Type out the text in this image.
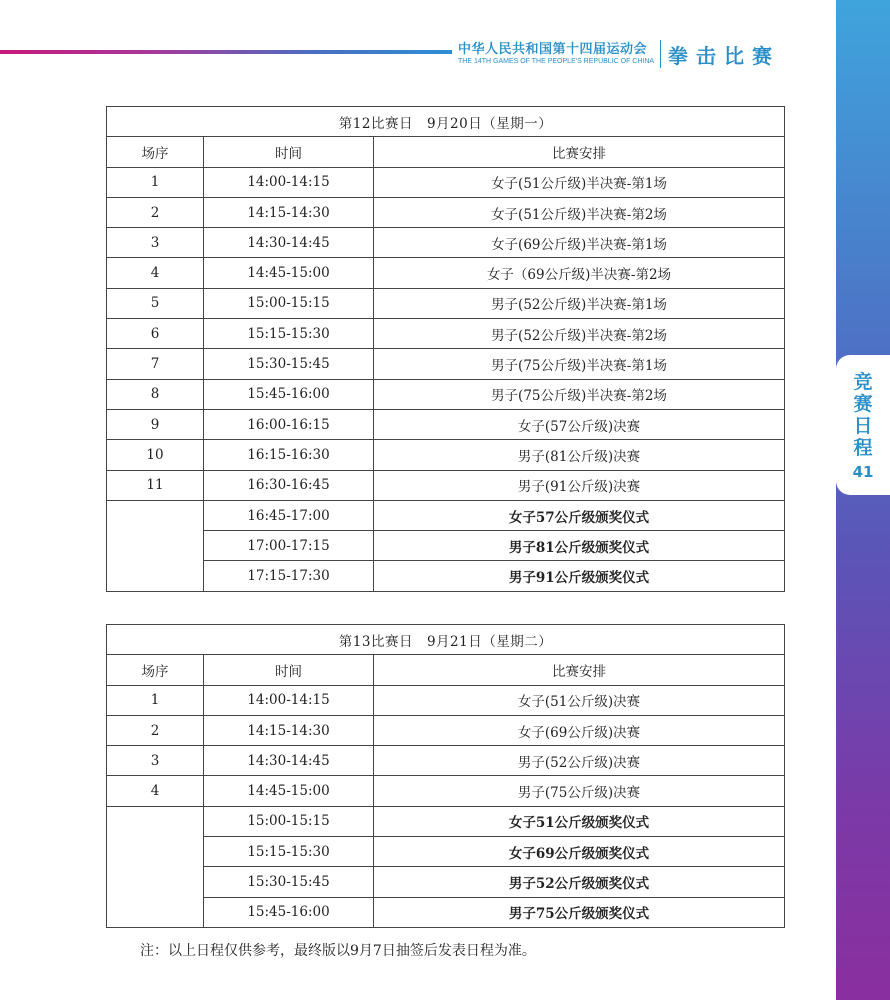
中华人民共和国第十四届运动会
THE 14TH GAMES OF THE PEOPLE'S REPUBLIC OF CHINA 拳击比赛
竞
赛
日
程
41
第12比赛日　9月20日（星期一）		
场序	时间	比赛安排
1	14:00-14:15	女子(51公斤级)半决赛-第1场
2	14:15-14:30	女子(51公斤级)半决赛-第2场
3	14:30-14:45	女子(69公斤级)半决赛-第1场
4	14:45-15:00	女子（69公斤级)半决赛-第2场
5	15:00-15:15	男子(52公斤级)半决赛-第1场
6	15:15-15:30	男子(52公斤级)半决赛-第2场
7	15:30-15:45	男子(75公斤级)半决赛-第1场
8	15:45-16:00	男子(75公斤级)半决赛-第2场
9	16:00-16:15	女子(57公斤级)决赛
10	16:15-16:30	男子(81公斤级)决赛
11	16:30-16:45	男子(91公斤级)决赛
	16:45-17:00	女子57公斤级颁奖仪式
	17:00-17:15	男子81公斤级颁奖仪式
	17:15-17:30	男子91公斤级颁奖仪式
第13比赛日　9月21日（星期二）		
场序	时间	比赛安排
1	14:00-14:15	女子(51公斤级)决赛
2	14:15-14:30	女子(69公斤级)决赛
3	14:30-14:45	男子(52公斤级)决赛
4	14:45-15:00	男子(75公斤级)决赛
	15:00-15:15	女子51公斤级颁奖仪式
	15:15-15:30	女子69公斤级颁奖仪式
	15:30-15:45	男子52公斤级颁奖仪式
	15:45-16:00	男子75公斤级颁奖仪式
注：以上日程仅供参考，最终版以9月7日抽签后发表日程为准。
